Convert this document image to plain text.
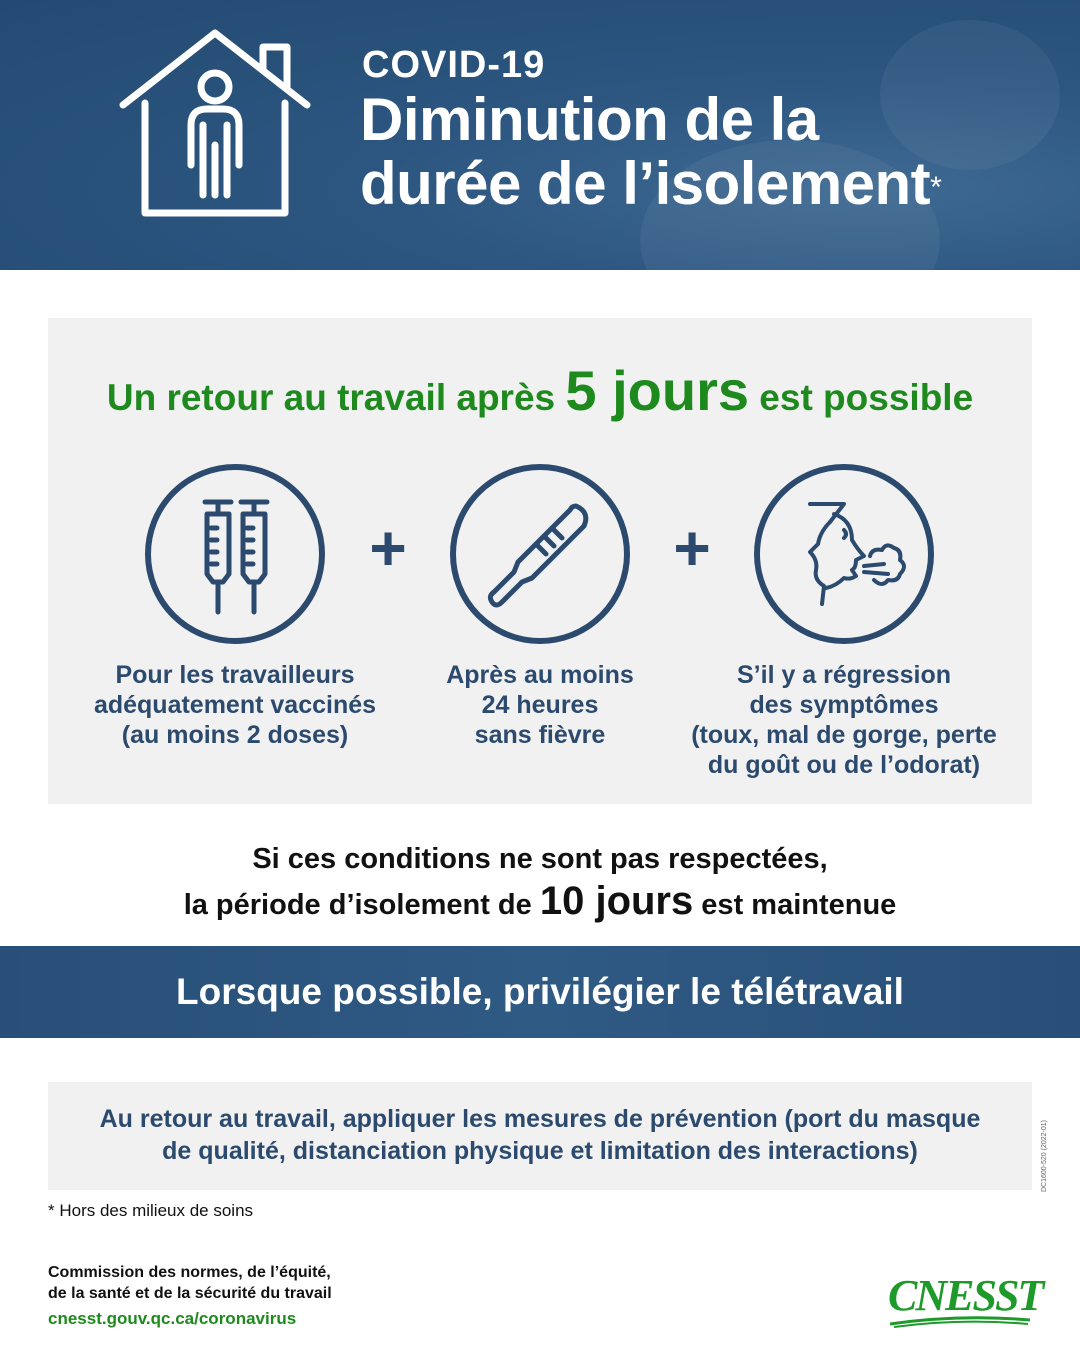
COVID-19
Diminution de la
durée de l’isolement*
Un retour au travail après 5 jours est possible
+	+
Pour les travailleurs
adéquatement vaccinés
(au moins 2 doses)
Après au moins
24 heures
sans fièvre
S’il y a régression
des symptômes
(toux, mal de gorge, perte
du goût ou de l’odorat)
Si ces conditions ne sont pas respectées,
la période d’isolement de 10 jours est maintenue
Lorsque possible, privilégier le télétravail
Au retour au travail, appliquer les mesures de prévention (port du masque
de qualité, distanciation physique et limitation des interactions)	DC1600-520 (2022-01)
* Hors des milieux de soins
Commission des normes, de l’équité,
de la santé et de la sécurité du travail
cnesst.gouv.qc.ca/coronavirus	CNESST
